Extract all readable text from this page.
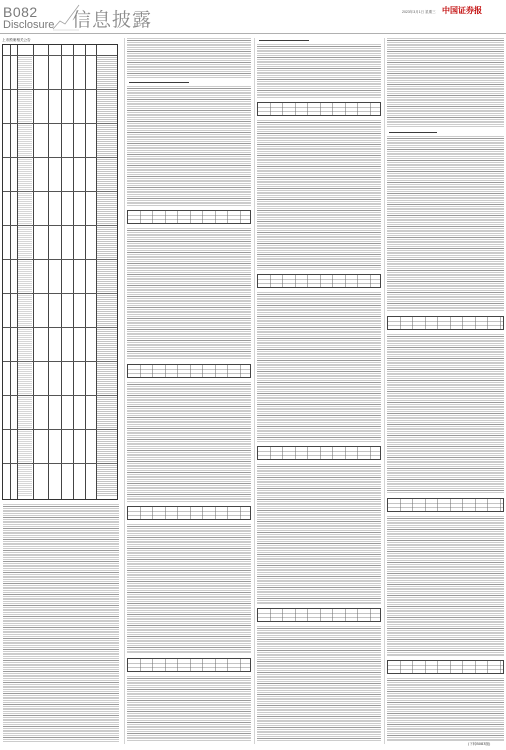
B082
Disclosure 信息披露	2023年3月1日 星期三 中国证券报
上市预案相关公告
(下转B083版)
